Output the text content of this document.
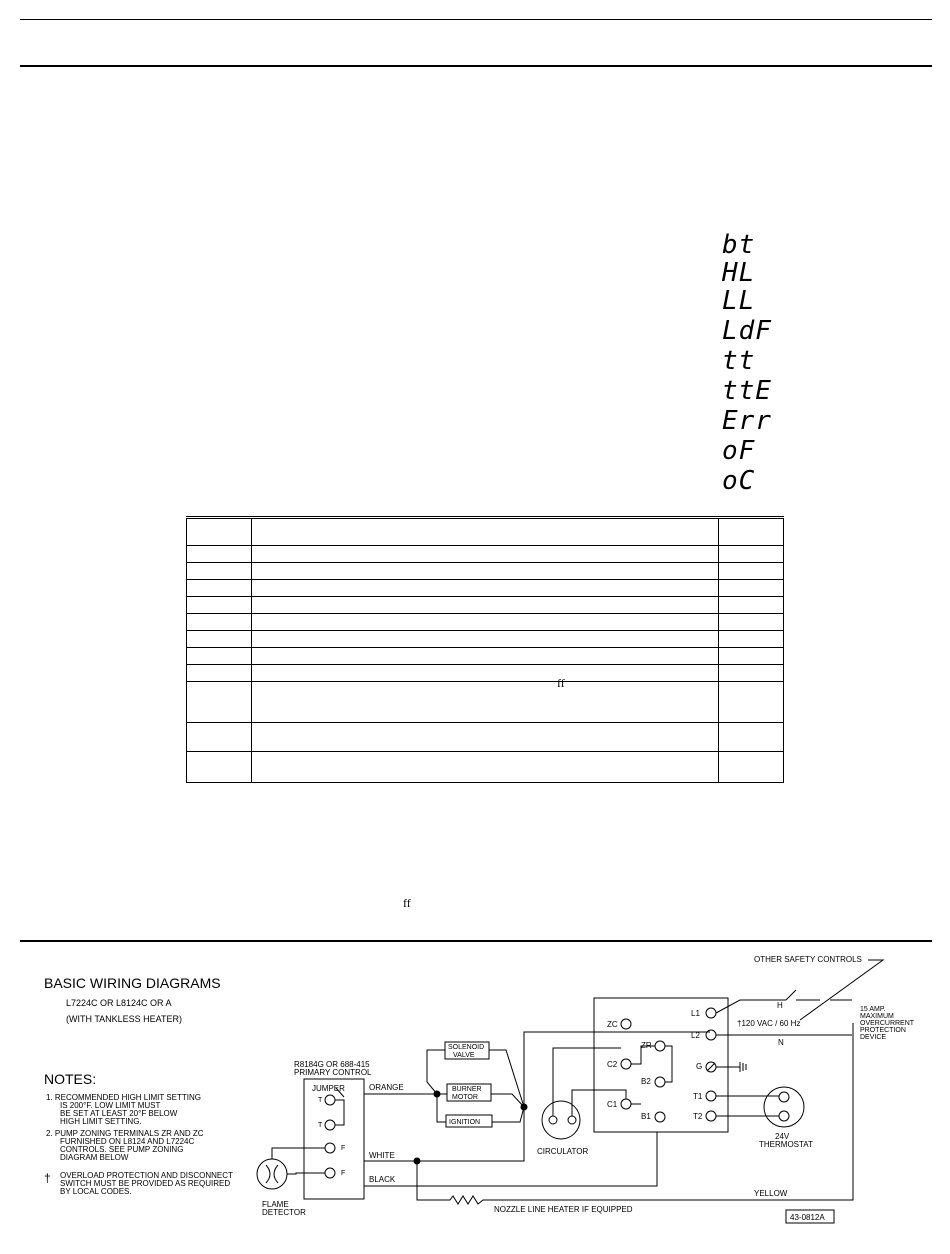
bt
HL
LL
LdF
tt
ttE
Err
oF
oC

ff
ff
BASIC WIRING DIAGRAMS
L7224C OR L8124C OR A
(WITH TANKLESS HEATER)
NOTES:
1. RECOMMENDED HIGH LIMIT SETTING
IS 200°F. LOW LIMIT MUST
BE SET AT LEAST 20°F BELOW
HIGH LIMIT SETTING.
2. PUMP ZONING TERMINALS ZR AND ZC
FURNISHED ON L8124 AND L7224C
CONTROLS. SEE PUMP ZONING
DIAGRAM BELOW
† OVERLOAD PROTECTION AND DISCONNECT
SWITCH MUST BE PROVIDED AS REQUIRED
BY LOCAL CODES.
R8184G OR 688-415
PRIMARY CONTROL
JUMPER
T
T
F
F
FLAME
DETECTOR
ORANGE
SOLENOID
VALVE
BURNER
MOTOR
IGNITION
WHITE
BLACK
NOZZLE LINE HEATER IF EQUIPPED
YELLOW
ZC
ZR
C2
B2
C1
B1
L1
L2
G
T1
T2
CIRCULATOR
OTHER SAFETY CONTROLS
H
†120 VAC / 60 Hz
N
15 AMP.
MAXIMUM
OVERCURRENT
PROTECTION
DEVICE
24V
THERMOSTAT
43-0812A
